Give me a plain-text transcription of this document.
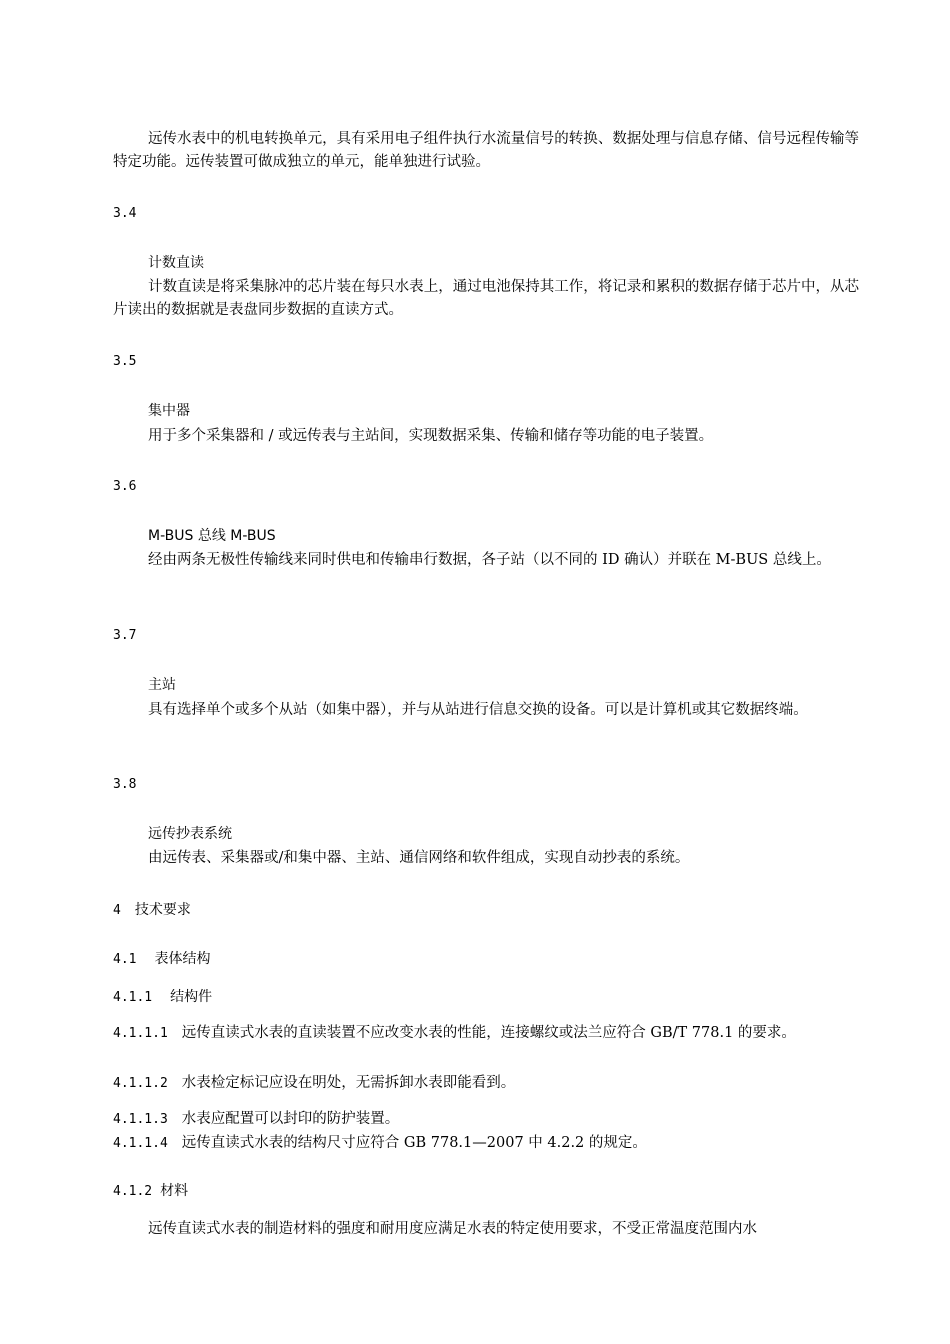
远传水表中的机电转换单元，具有采用电子组件执行水流量信号的转换、数据处理与信息存储、信号远程传输等特定功能。远传装置可做成独立的单元，能单独进行试验。

3.4
计数直读

计数直读是将采集脉冲的芯片装在每只水表上，通过电池保持其工作，将记录和累积的数据存储于芯片中，从芯片读出的数据就是表盘同步数据的直读方式。

3.5
集中器

用于多个采集器和 / 或远传表与主站间，实现数据采集、传输和储存等功能的电子装置。

3.6
M-BUS 总线 M-BUS

经由两条无极性传输线来同时供电和传输串行数据，各子站（以不同的 ID 确认）并联在 M-BUS 总线上。

3.7
主站

具有选择单个或多个从站（如集中器），并与从站进行信息交换的设备。可以是计算机或其它数据终端。

3.8
远传抄表系统

由远传表、采集器或/和集中器、主站、通信网络和软件组成，实现自动抄表的系统。

4 技术要求
4.1 表体结构
4.1.1 结构件
4.1.1.1 远传直读式水表的直读装置不应改变水表的性能，连接螺纹或法兰应符合 GB/T 778.1 的要求。
4.1.1.2 水表检定标记应设在明处，无需拆卸水表即能看到。
4.1.1.3 水表应配置可以封印的防护装置。
4.1.1.4 远传直读式水表的结构尺寸应符合 GB 778.1—2007 中 4.2.2 的规定。
4.1.2 材料

远传直读式水表的制造材料的强度和耐用度应满足水表的特定使用要求，不受正常温度范围内水
